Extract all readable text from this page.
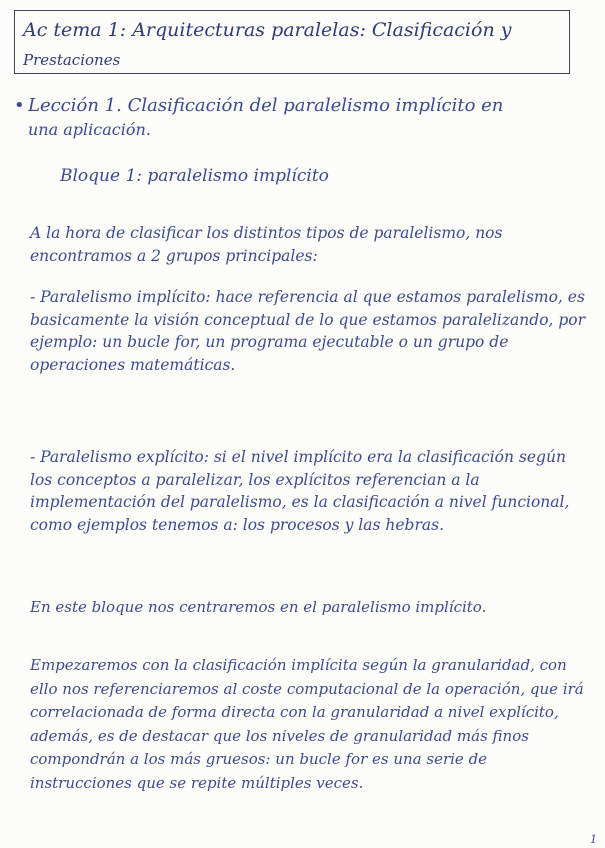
Ac tema 1: Arquitecturas paralelas: Clasificación y
Prestaciones
• Lección 1. Clasificación del paralelismo implícito en
una aplicación.
Bloque 1: paralelismo implícito
A la hora de clasificar los distintos tipos de paralelismo, nos encontramos a 2 grupos principales:
- Paralelismo implícito: hace referencia al que estamos paralelismo, es basicamente la visión conceptual de lo que estamos paralelizando, por ejemplo: un bucle for, un programa ejecutable o un grupo de operaciones matemáticas.
- Paralelismo explícito: si el nivel implícito era la clasificación según los conceptos a paralelizar, los explícitos referencian a la implementación del paralelismo, es la clasificación a nivel funcional, como ejemplos tenemos a: los procesos y las hebras.
En este bloque nos centraremos en el paralelismo implícito.
Empezaremos con la clasificación implícita según la granularidad, con ello nos referenciaremos al coste computacional de la operación, que irá correlacionada de forma directa con la granularidad a nivel explícito, además, es de destacar que los niveles de granularidad más finos compondrán a los más gruesos: un bucle for es una serie de instrucciones que se repite múltiples veces.
1
